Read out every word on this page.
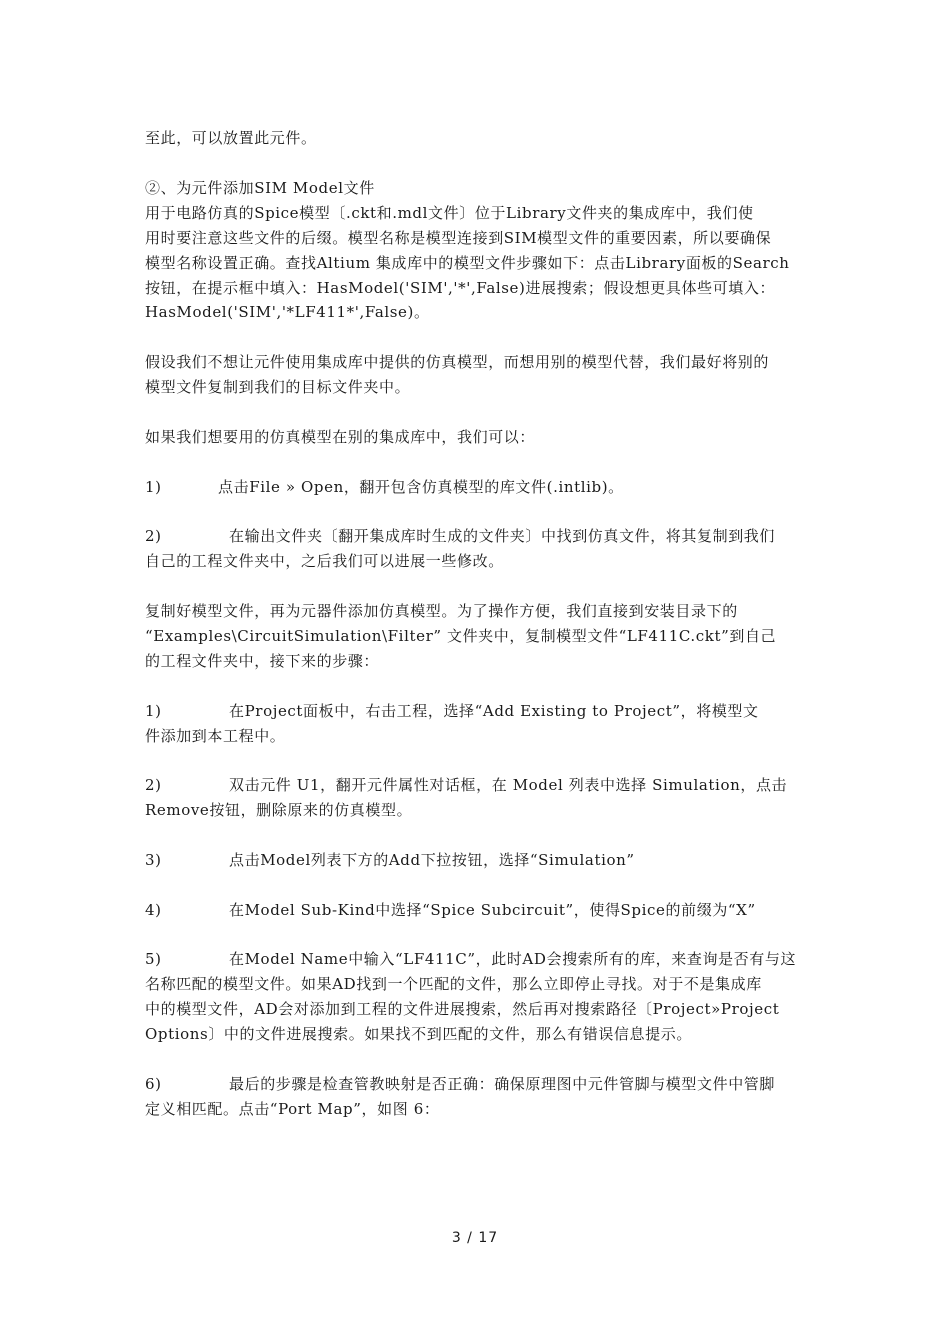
至此，可以放置此元件。
②、为元件添加SIM Model文件
用于电路仿真的Spice模型〔.ckt和.mdl文件〕位于Library文件夹的集成库中，我们使
用时要注意这些文件的后缀。模型名称是模型连接到SIM模型文件的重要因素，所以要确保
模型名称设置正确。查找Altium 集成库中的模型文件步骤如下：点击Library面板的Search
按钮，在提示框中填入：HasModel('SIM','*',False)进展搜索；假设想更具体些可填入：
HasModel('SIM','*LF411*',False)。
假设我们不想让元件使用集成库中提供的仿真模型，而想用别的模型代替，我们最好将别的
模型文件复制到我们的目标文件夹中。
如果我们想要用的仿真模型在别的集成库中，我们可以：
1)	点击File » Open，翻开包含仿真模型的库文件(.intlib)。
2)	在输出文件夹〔翻开集成库时生成的文件夹〕中找到仿真文件，将其复制到我们
自己的工程文件夹中，之后我们可以进展一些修改。
复制好模型文件，再为元器件添加仿真模型。为了操作方便，我们直接到安装目录下的
“Examples\CircuitSimulation\Filter” 文件夹中，复制模型文件“LF411C.ckt”到自己
的工程文件夹中，接下来的步骤：
1)	在Project面板中，右击工程，选择“Add Existing to Project”，将模型文
件添加到本工程中。
2)	双击元件 U1，翻开元件属性对话框，在 Model 列表中选择 Simulation，点击
Remove按钮，删除原来的仿真模型。
3)	点击Model列表下方的Add下拉按钮，选择“Simulation”
4)	在Model Sub-Kind中选择“Spice Subcircuit”，使得Spice的前缀为“X”
5)	在Model Name中输入“LF411C”，此时AD会搜索所有的库，来查询是否有与这
名称匹配的模型文件。如果AD找到一个匹配的文件，那么立即停止寻找。对于不是集成库
中的模型文件，AD会对添加到工程的文件进展搜索，然后再对搜索路径〔Project»Project
Options〕中的文件进展搜索。如果找不到匹配的文件，那么有错误信息提示。
6)	最后的步骤是检查管教映射是否正确：确保原理图中元件管脚与模型文件中管脚
定义相匹配。点击“Port Map”，如图 6：
3 / 17
